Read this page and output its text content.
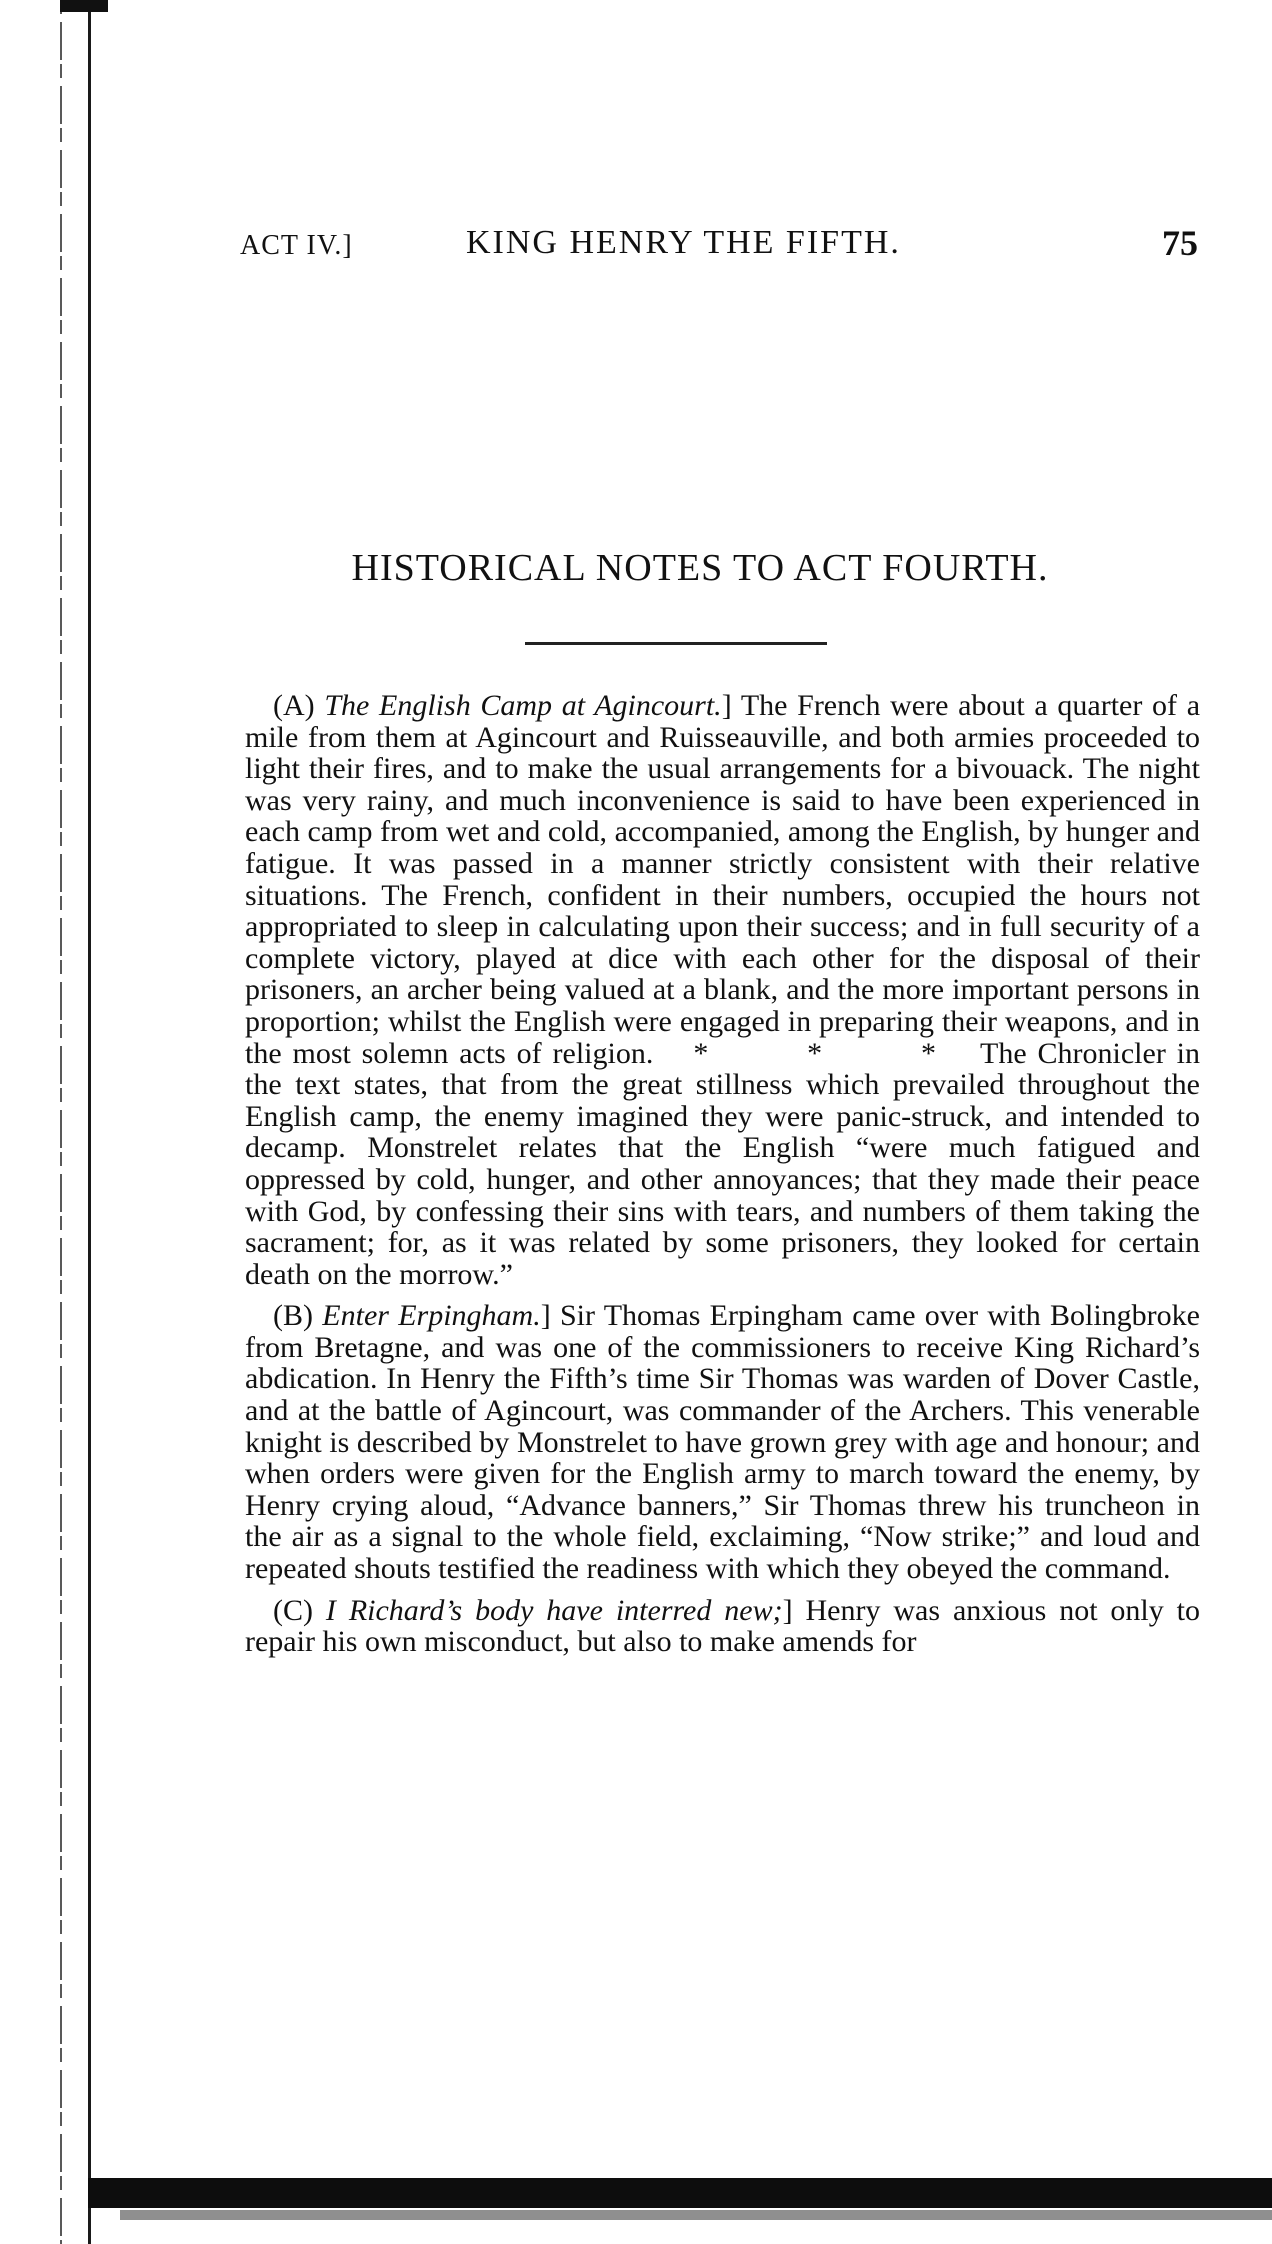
ACT IV.]	KING HENRY THE FIFTH.	75
HISTORICAL NOTES TO ACT FOURTH.

(A) The English Camp at Agincourt.] The French were about a quarter of a mile from them at Agincourt and Ruisseauville, and both armies proceeded to light their fires, and to make the usual arrangements for a bivouack. The night was very rainy, and much inconvenience is said to have been experienced in each camp from wet and cold, accompanied, among the English, by hunger and fatigue. It was passed in a manner strictly consistent with their relative situations. The French, confident in their numbers, occupied the hours not appropriated to sleep in calculating upon their success; and in full security of a complete victory, played at dice with each other for the disposal of their prisoners, an archer being valued at a blank, and the more important persons in proportion; whilst the English were engaged in preparing their weapons, and in the most solemn acts of religion. * * *The Chronicler in the text states, that from the great stillness which prevailed throughout the English camp, the enemy imagined they were panic-struck, and intended to decamp. Monstrelet relates that the English “were much fatigued and oppressed by cold, hunger, and other annoyances; that they made their peace with God, by confessing their sins with tears, and numbers of them taking the sacrament; for, as it was related by some prisoners, they looked for certain death on the morrow.”

(B) Enter Erpingham.] Sir Thomas Erpingham came over with Bolingbroke from Bretagne, and was one of the commissioners to receive King Richard’s abdication. In Henry the Fifth’s time Sir Thomas was warden of Dover Castle, and at the battle of Agincourt, was commander of the Archers. This venerable knight is described by Monstrelet to have grown grey with age and honour; and when orders were given for the English army to march toward the enemy, by Henry crying aloud, “Advance banners,” Sir Thomas threw his truncheon in the air as a signal to the whole field, exclaiming, “Now strike;” and loud and repeated shouts testified the readiness with which they obeyed the command.

(C) I Richard’s body have interred new;] Henry was anxious not only to repair his own misconduct, but also to make amends for
